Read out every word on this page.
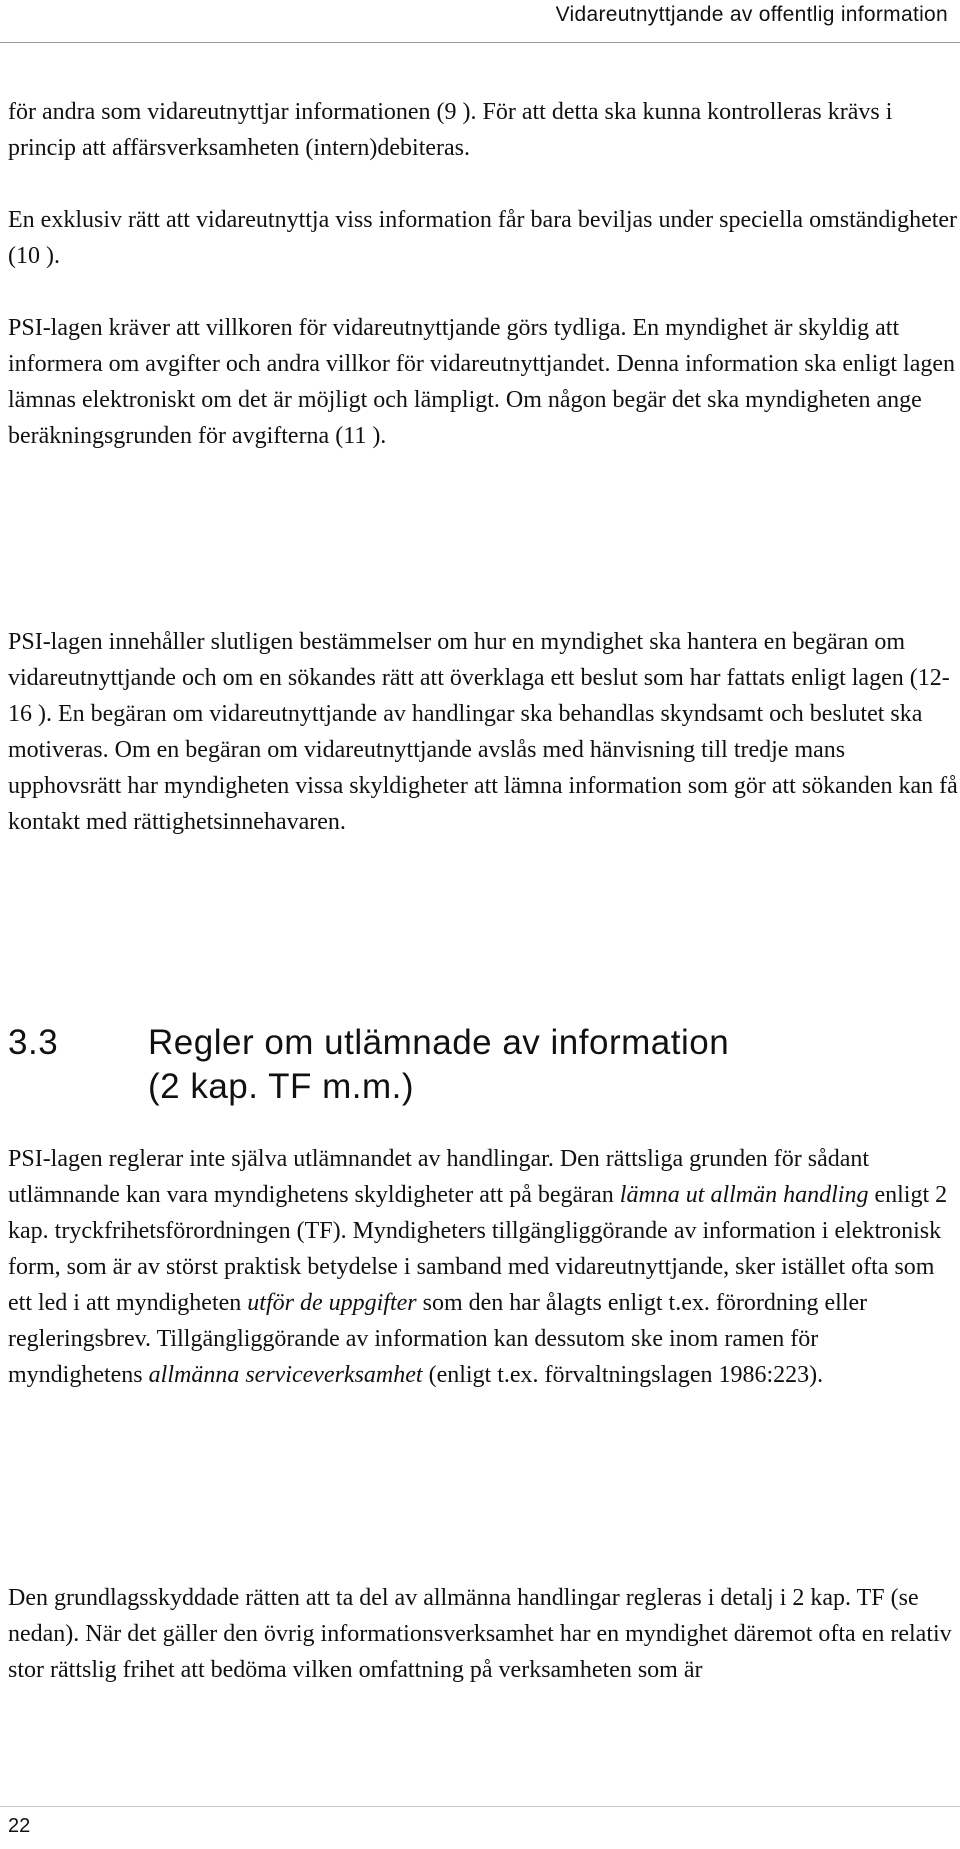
Vidareutnyttjande av offentlig information

för andra som vidareutnyttjar informationen (9 ). För att detta ska kunna kontrolleras krävs i princip att affärsverksamheten (intern)debiteras.

En exklusiv rätt att vidareutnyttja viss information får bara beviljas under speciella omständigheter (10 ).

PSI-lagen kräver att villkoren för vidareutnyttjande görs tydliga. En myndighet är skyldig att informera om avgifter och andra villkor för vidareutnyttjandet. Denna information ska enligt lagen lämnas elektroniskt om det är möjligt och lämpligt. Om någon begär det ska myndigheten ange beräkningsgrunden för avgifterna (11 ).

PSI-lagen innehåller slutligen bestämmelser om hur en myndighet ska hantera en begäran om vidareutnyttjande och om en sökandes rätt att överklaga ett beslut som har fattats enligt lagen (12-16 ). En begäran om vidareutnyttjande av handlingar ska behandlas skyndsamt och beslutet ska motiveras. Om en begäran om vidareutnyttjande avslås med hänvisning till tredje mans upphovsrätt har myndigheten vissa skyldigheter att lämna information som gör att sökanden kan få kontakt med rättighetsinnehavaren.

3.3	Regler om utlämnade av information
(2 kap. TF m.m.)

PSI-lagen reglerar inte själva utlämnandet av handlingar. Den rättsliga grunden för sådant utlämnande kan vara myndighetens skyldigheter att på begäran lämna ut allmän handling enligt 2 kap. tryckfrihetsförordningen (TF). Myndigheters tillgängliggörande av information i elektronisk form, som är av störst praktisk betydelse i samband med vidareutnyttjande, sker istället ofta som ett led i att myndigheten utför de uppgifter som den har ålagts enligt t.ex. förordning eller regleringsbrev. Tillgängliggörande av information kan dessutom ske inom ramen för myndighetens allmänna serviceverksamhet (enligt t.ex. förvaltningslagen 1986:223).

Den grundlagsskyddade rätten att ta del av allmänna handlingar regleras i detalj i 2 kap. TF (se nedan). När det gäller den övrig informationsverksamhet har en myndighet däremot ofta en relativ stor rättslig frihet att bedöma vilken omfattning på verksamheten som är

22
